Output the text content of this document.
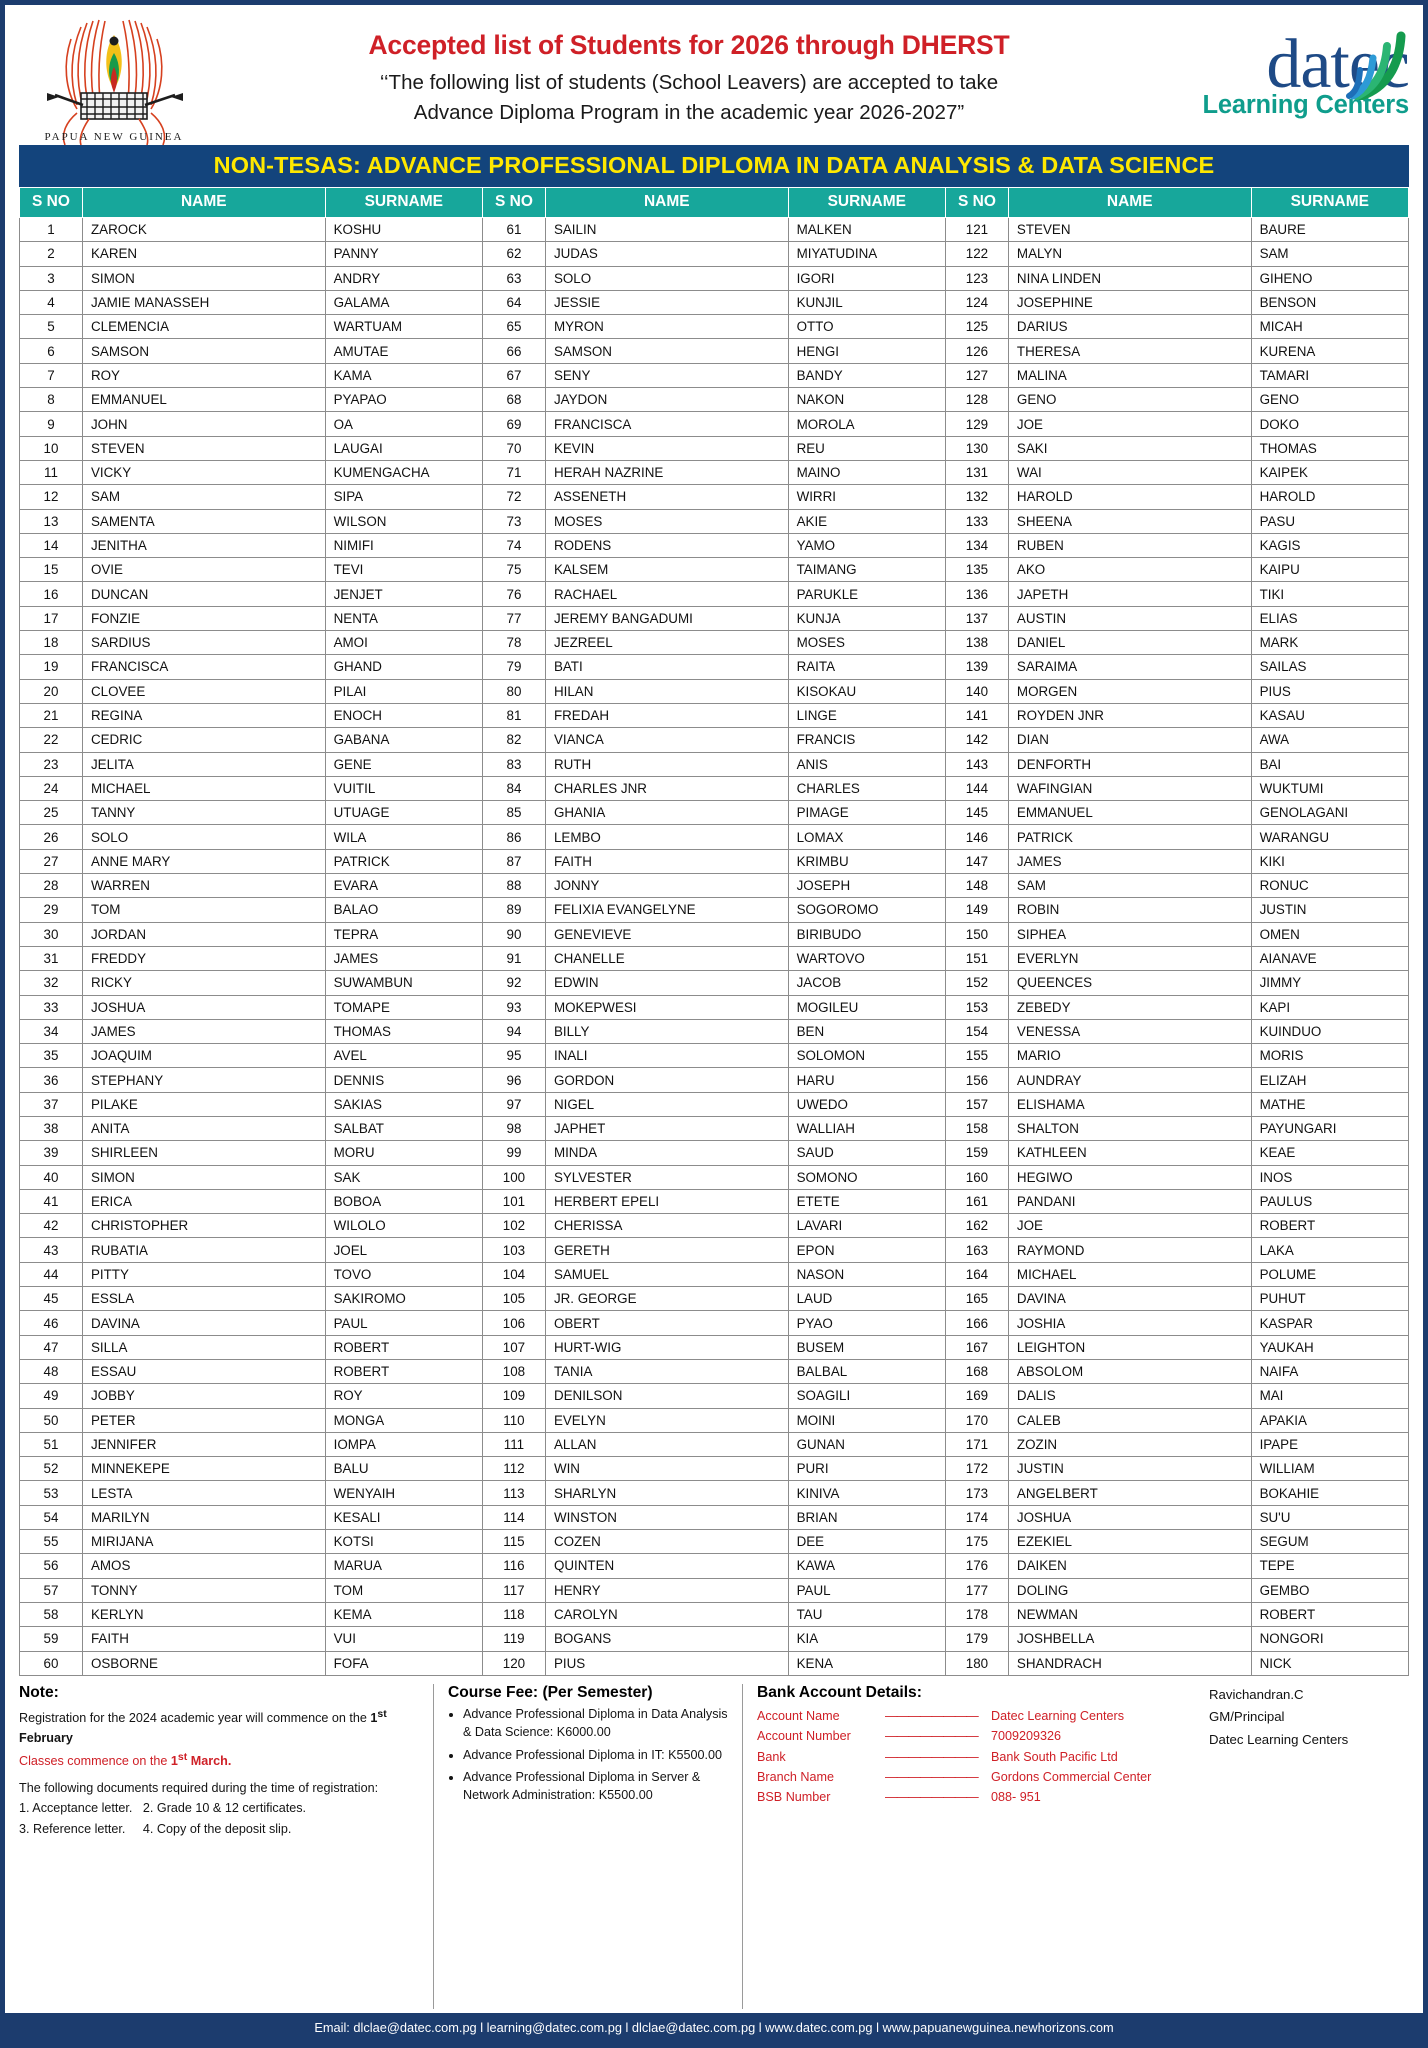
PAPUA NEW GUINEA
Accepted list of Students for 2026 through DHERST
‘‘The following list of students (School Leavers) are accepted to take
Advance Diploma Program in the academic year 2026-2027”
datec
Learning Centers
NON-TESAS: ADVANCE PROFESSIONAL DIPLOMA IN DATA ANALYSIS & DATA SCIENCE
S NO	NAME	SURNAME	S NO	NAME	SURNAME	S NO	NAME	SURNAME
1	ZAROCK	KOSHU	61	SAILIN	MALKEN	121	STEVEN	BAURE
2	KAREN	PANNY	62	JUDAS	MIYATUDINA	122	MALYN	SAM
3	SIMON	ANDRY	63	SOLO	IGORI	123	NINA LINDEN	GIHENO
4	JAMIE MANASSEH	GALAMA	64	JESSIE	KUNJIL	124	JOSEPHINE	BENSON
5	CLEMENCIA	WARTUAM	65	MYRON	OTTO	125	DARIUS	MICAH
6	SAMSON	AMUTAE	66	SAMSON	HENGI	126	THERESA	KURENA
7	ROY	KAMA	67	SENY	BANDY	127	MALINA	TAMARI
8	EMMANUEL	PYAPAO	68	JAYDON	NAKON	128	GENO	GENO
9	JOHN	OA	69	FRANCISCA	MOROLA	129	JOE	DOKO
10	STEVEN	LAUGAI	70	KEVIN	REU	130	SAKI	THOMAS
11	VICKY	KUMENGACHA	71	HERAH NAZRINE	MAINO	131	WAI	KAIPEK
12	SAM	SIPA	72	ASSENETH	WIRRI	132	HAROLD	HAROLD
13	SAMENTA	WILSON	73	MOSES	AKIE	133	SHEENA	PASU
14	JENITHA	NIMIFI	74	RODENS	YAMO	134	RUBEN	KAGIS
15	OVIE	TEVI	75	KALSEM	TAIMANG	135	AKO	KAIPU
16	DUNCAN	JENJET	76	RACHAEL	PARUKLE	136	JAPETH	TIKI
17	FONZIE	NENTA	77	JEREMY BANGADUMI	KUNJA	137	AUSTIN	ELIAS
18	SARDIUS	AMOI	78	JEZREEL	MOSES	138	DANIEL	MARK
19	FRANCISCA	GHAND	79	BATI	RAITA	139	SARAIMA	SAILAS
20	CLOVEE	PILAI	80	HILAN	KISOKAU	140	MORGEN	PIUS
21	REGINA	ENOCH	81	FREDAH	LINGE	141	ROYDEN JNR	KASAU
22	CEDRIC	GABANA	82	VIANCA	FRANCIS	142	DIAN	AWA
23	JELITA	GENE	83	RUTH	ANIS	143	DENFORTH	BAI
24	MICHAEL	VUITIL	84	CHARLES JNR	CHARLES	144	WAFINGIAN	WUKTUMI
25	TANNY	UTUAGE	85	GHANIA	PIMAGE	145	EMMANUEL	GENOLAGANI
26	SOLO	WILA	86	LEMBO	LOMAX	146	PATRICK	WARANGU
27	ANNE MARY	PATRICK	87	FAITH	KRIMBU	147	JAMES	KIKI
28	WARREN	EVARA	88	JONNY	JOSEPH	148	SAM	RONUC
29	TOM	BALAO	89	FELIXIA EVANGELYNE	SOGOROMO	149	ROBIN	JUSTIN
30	JORDAN	TEPRA	90	GENEVIEVE	BIRIBUDO	150	SIPHEA	OMEN
31	FREDDY	JAMES	91	CHANELLE	WARTOVO	151	EVERLYN	AIANAVE
32	RICKY	SUWAMBUN	92	EDWIN	JACOB	152	QUEENCES	JIMMY
33	JOSHUA	TOMAPE	93	MOKEPWESI	MOGILEU	153	ZEBEDY	KAPI
34	JAMES	THOMAS	94	BILLY	BEN	154	VENESSA	KUINDUO
35	JOAQUIM	AVEL	95	INALI	SOLOMON	155	MARIO	MORIS
36	STEPHANY	DENNIS	96	GORDON	HARU	156	AUNDRAY	ELIZAH
37	PILAKE	SAKIAS	97	NIGEL	UWEDO	157	ELISHAMA	MATHE
38	ANITA	SALBAT	98	JAPHET	WALLIAH	158	SHALTON	PAYUNGARI
39	SHIRLEEN	MORU	99	MINDA	SAUD	159	KATHLEEN	KEAE
40	SIMON	SAK	100	SYLVESTER	SOMONO	160	HEGIWO	INOS
41	ERICA	BOBOA	101	HERBERT EPELI	ETETE	161	PANDANI	PAULUS
42	CHRISTOPHER	WILOLO	102	CHERISSA	LAVARI	162	JOE	ROBERT
43	RUBATIA	JOEL	103	GERETH	EPON	163	RAYMOND	LAKA
44	PITTY	TOVO	104	SAMUEL	NASON	164	MICHAEL	POLUME
45	ESSLA	SAKIROMO	105	JR. GEORGE	LAUD	165	DAVINA	PUHUT
46	DAVINA	PAUL	106	OBERT	PYAO	166	JOSHIA	KASPAR
47	SILLA	ROBERT	107	HURT-WIG	BUSEM	167	LEIGHTON	YAUKAH
48	ESSAU	ROBERT	108	TANIA	BALBAL	168	ABSOLOM	NAIFA
49	JOBBY	ROY	109	DENILSON	SOAGILI	169	DALIS	MAI
50	PETER	MONGA	110	EVELYN	MOINI	170	CALEB	APAKIA
51	JENNIFER	IOMPA	111	ALLAN	GUNAN	171	ZOZIN	IPAPE
52	MINNEKEPE	BALU	112	WIN	PURI	172	JUSTIN	WILLIAM
53	LESTA	WENYAIH	113	SHARLYN	KINIVA	173	ANGELBERT	BOKAHIE
54	MARILYN	KESALI	114	WINSTON	BRIAN	174	JOSHUA	SU'U
55	MIRIJANA	KOTSI	115	COZEN	DEE	175	EZEKIEL	SEGUM
56	AMOS	MARUA	116	QUINTEN	KAWA	176	DAIKEN	TEPE
57	TONNY	TOM	117	HENRY	PAUL	177	DOLING	GEMBO
58	KERLYN	KEMA	118	CAROLYN	TAU	178	NEWMAN	ROBERT
59	FAITH	VUI	119	BOGANS	KIA	179	JOSHBELLA	NONGORI
60	OSBORNE	FOFA	120	PIUS	KENA	180	SHANDRACH	NICK
Note:
Registration for the 2024 academic year will commence on the 1st February
Classes commence on the 1st March.
The following documents required during the time of registration:
1. Acceptance letter. 2. Grade 10 & 12 certificates.
3. Reference letter. 4. Copy of the deposit slip.
Course Fee: (Per Semester)
• Advance Professional Diploma in Data Analysis & Data Science: K6000.00
• Advance Professional Diploma in IT: K5500.00
• Advance Professional Diploma in Server & Network Administration: K5500.00
Bank Account Details:
Account Name	————————	Datec Learning Centers
Account Number	————————	7009209326
Bank	————————	Bank South Pacific Ltd
Branch Name	————————	Gordons Commercial Center
BSB Number	————————	088- 951
Ravichandran.C
GM/Principal
Datec Learning Centers
Email: dlclae@datec.com.pg l learning@datec.com.pg l dlclae@datec.com.pg l www.datec.com.pg l www.papuanewguinea.newhorizons.com
